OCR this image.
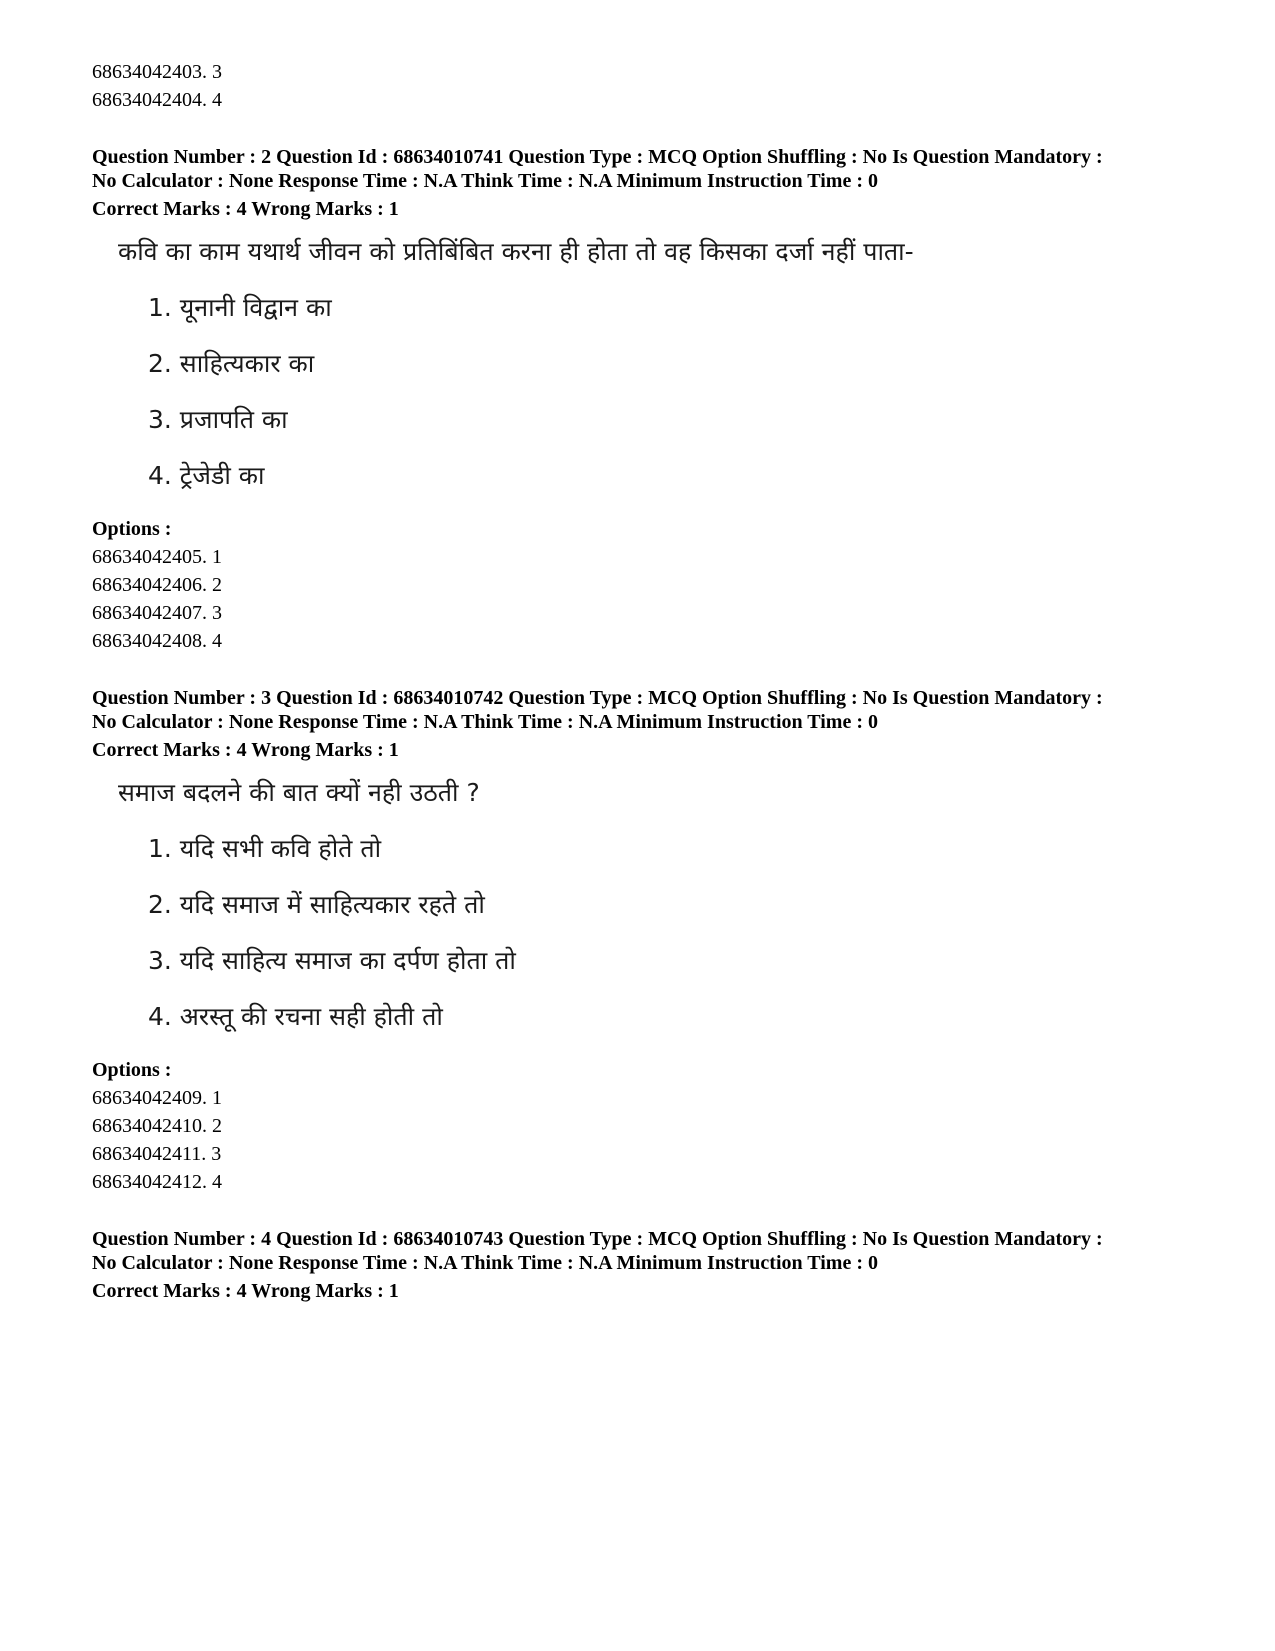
68634042403. 3
68634042404. 4
Question Number : 2 Question Id : 68634010741 Question Type : MCQ Option Shuffling : No Is Question Mandatory :
No Calculator : None Response Time : N.A Think Time : N.A Minimum Instruction Time : 0
Correct Marks : 4 Wrong Marks : 1
कवि का काम यथार्थ जीवन को प्रतिबिंबित करना ही होता तो वह किसका दर्जा नहीं पाता-
1. यूनानी विद्वान का
2. साहित्यकार का
3. प्रजापति का
4. ट्रेजेडी का
Options :
68634042405. 1
68634042406. 2
68634042407. 3
68634042408. 4
Question Number : 3 Question Id : 68634010742 Question Type : MCQ Option Shuffling : No Is Question Mandatory :
No Calculator : None Response Time : N.A Think Time : N.A Minimum Instruction Time : 0
Correct Marks : 4 Wrong Marks : 1
समाज बदलने की बात क्यों नही उठती ?
1. यदि सभी कवि होते तो
2. यदि समाज में साहित्यकार रहते तो
3. यदि साहित्य समाज का दर्पण होता तो
4. अरस्तू की रचना सही होती तो
Options :
68634042409. 1
68634042410. 2
68634042411. 3
68634042412. 4
Question Number : 4 Question Id : 68634010743 Question Type : MCQ Option Shuffling : No Is Question Mandatory :
No Calculator : None Response Time : N.A Think Time : N.A Minimum Instruction Time : 0
Correct Marks : 4 Wrong Marks : 1
